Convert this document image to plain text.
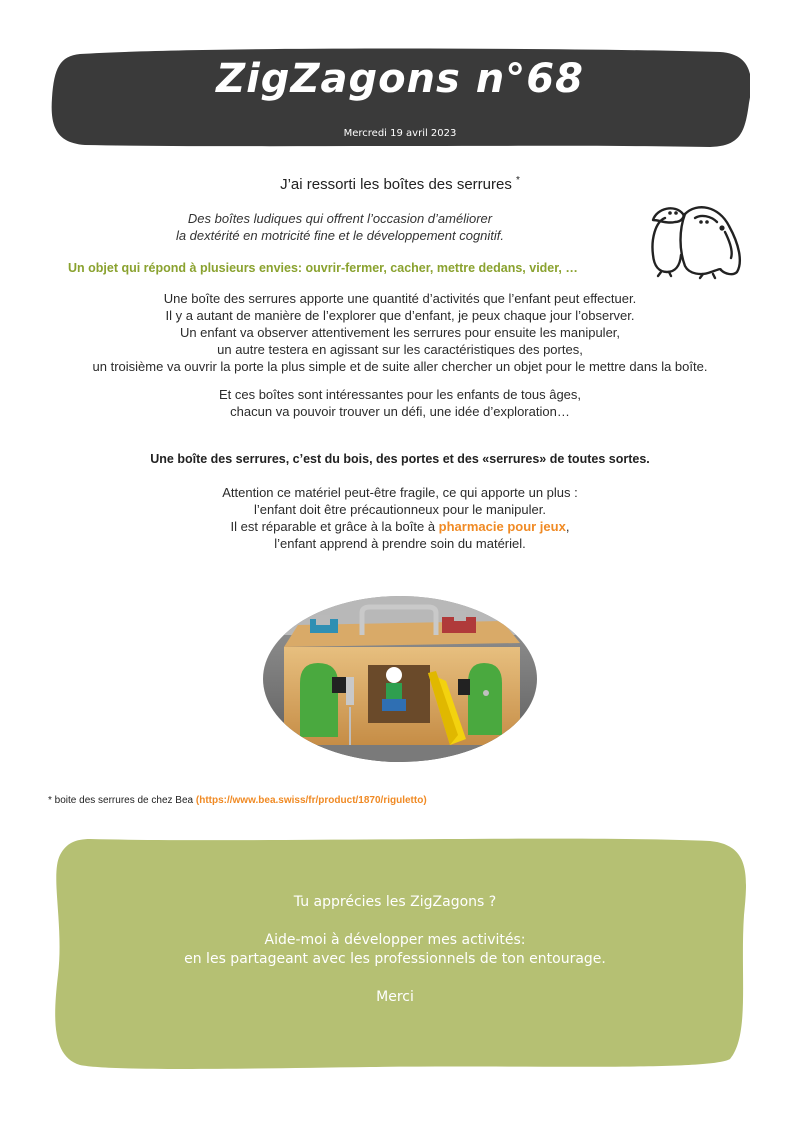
ZigZagons n°68
Mercredi 19 avril 2023
J’ai ressorti les boîtes des serrures *
Des boîtes ludiques qui offrent l’occasion d’améliorer
la dextérité en motricité fine et le développement cognitif.
Un objet qui répond à plusieurs envies: ouvrir-fermer, cacher, mettre dedans, vider, …
Une boîte des serrures apporte une quantité d’activités que l’enfant peut effectuer.
Il y a autant de manière de l’explorer que d’enfant, je peux chaque jour l’observer.
Un enfant va observer attentivement les serrures pour ensuite les manipuler,
un autre testera en agissant sur les caractéristiques des portes,
un troisième va ouvrir la porte la plus simple et de suite aller chercher un objet pour le mettre dans la boîte.
Et ces boîtes sont intéressantes pour les enfants de tous âges,
chacun va pouvoir trouver un défi, une idée d’exploration…
Une boîte des serrures, c’est du bois, des portes et des «serrures» de toutes sortes.
Attention ce matériel peut-être fragile, ce qui apporte un plus :
l’enfant doit être précautionneux pour le manipuler.
Il est réparable et grâce à la boîte à pharmacie pour jeux,
l’enfant apprend à prendre soin du matériel.
* boite des serrures de chez Bea (https://www.bea.swiss/fr/product/1870/riguletto)
Tu apprécies les ZigZagons ?
Aide-moi à développer mes activités:
en les partageant avec les professionnels de ton entourage.
Merci
